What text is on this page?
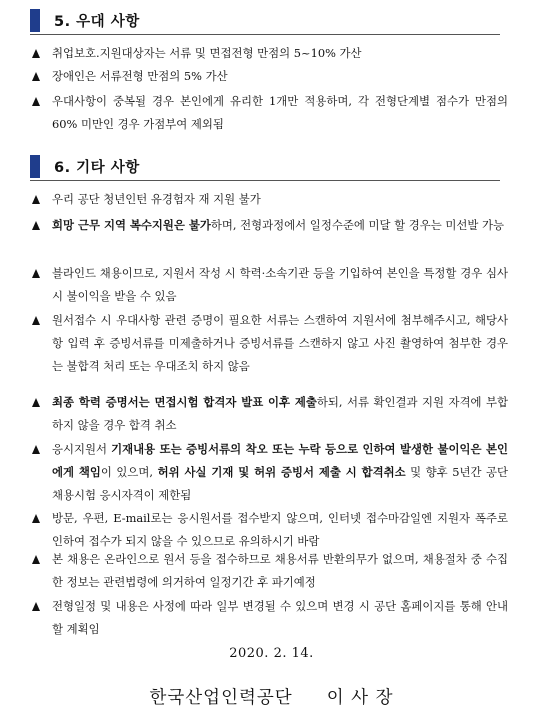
5. 우대 사항
취업보호.지원대상자는 서류 및 면접전형 만점의 5~10% 가산
장애인은 서류전형 만점의 5% 가산
우대사항이 중복될 경우 본인에게 유리한 1개만 적용하며, 각 전형단계별 점수가 만점의 60% 미만인 경우 가점부여 제외됨
6. 기타 사항
우리 공단 청년인턴 유경험자 재 지원 불가
희망 근무 지역 복수지원은 불가하며, 전형과정에서 일정수준에 미달 할 경우는 미선발 가능
블라인드 채용이므로, 지원서 작성 시 학력·소속기관 등을 기입하여 본인을 특정할 경우 심사 시 불이익을 받을 수 있음
원서접수 시 우대사항 관련 증명이 필요한 서류는 스캔하여 지원서에 첨부해주시고, 해당사항 입력 후 증빙서류를 미제출하거나 증빙서류를 스캔하지 않고 사진 촬영하여 첨부한 경우는 불합격 처리 또는 우대조치 하지 않음
최종 학력 증명서는 면접시험 합격자 발표 이후 제출하되, 서류 확인결과 지원 자격에 부합하지 않을 경우 합격 취소
응시지원서 기재내용 또는 증빙서류의 착오 또는 누락 등으로 인하여 발생한 불이익은 본인에게 책임이 있으며, 허위 사실 기재 및 허위 증빙서 제출 시 합격취소 및 향후 5년간 공단 채용시험 응시자격이 제한됨
방문, 우편, E-mail로는 응시원서를 접수받지 않으며, 인터넷 접수마감일엔 지원자 폭주로 인하여 접수가 되지 않을 수 있으므로 유의하시기 바람
본 채용은 온라인으로 원서 등을 접수하므로 채용서류 반환의무가 없으며, 채용절차 중 수집한 정보는 관련법령에 의거하여 일정기간 후 파기예정
전형일정 및 내용은 사정에 따라 일부 변경될 수 있으며 변경 시 공단 홈페이지를 통해 안내할 계획임
2020. 2. 14.
한국산업인력공단 이 사 장
